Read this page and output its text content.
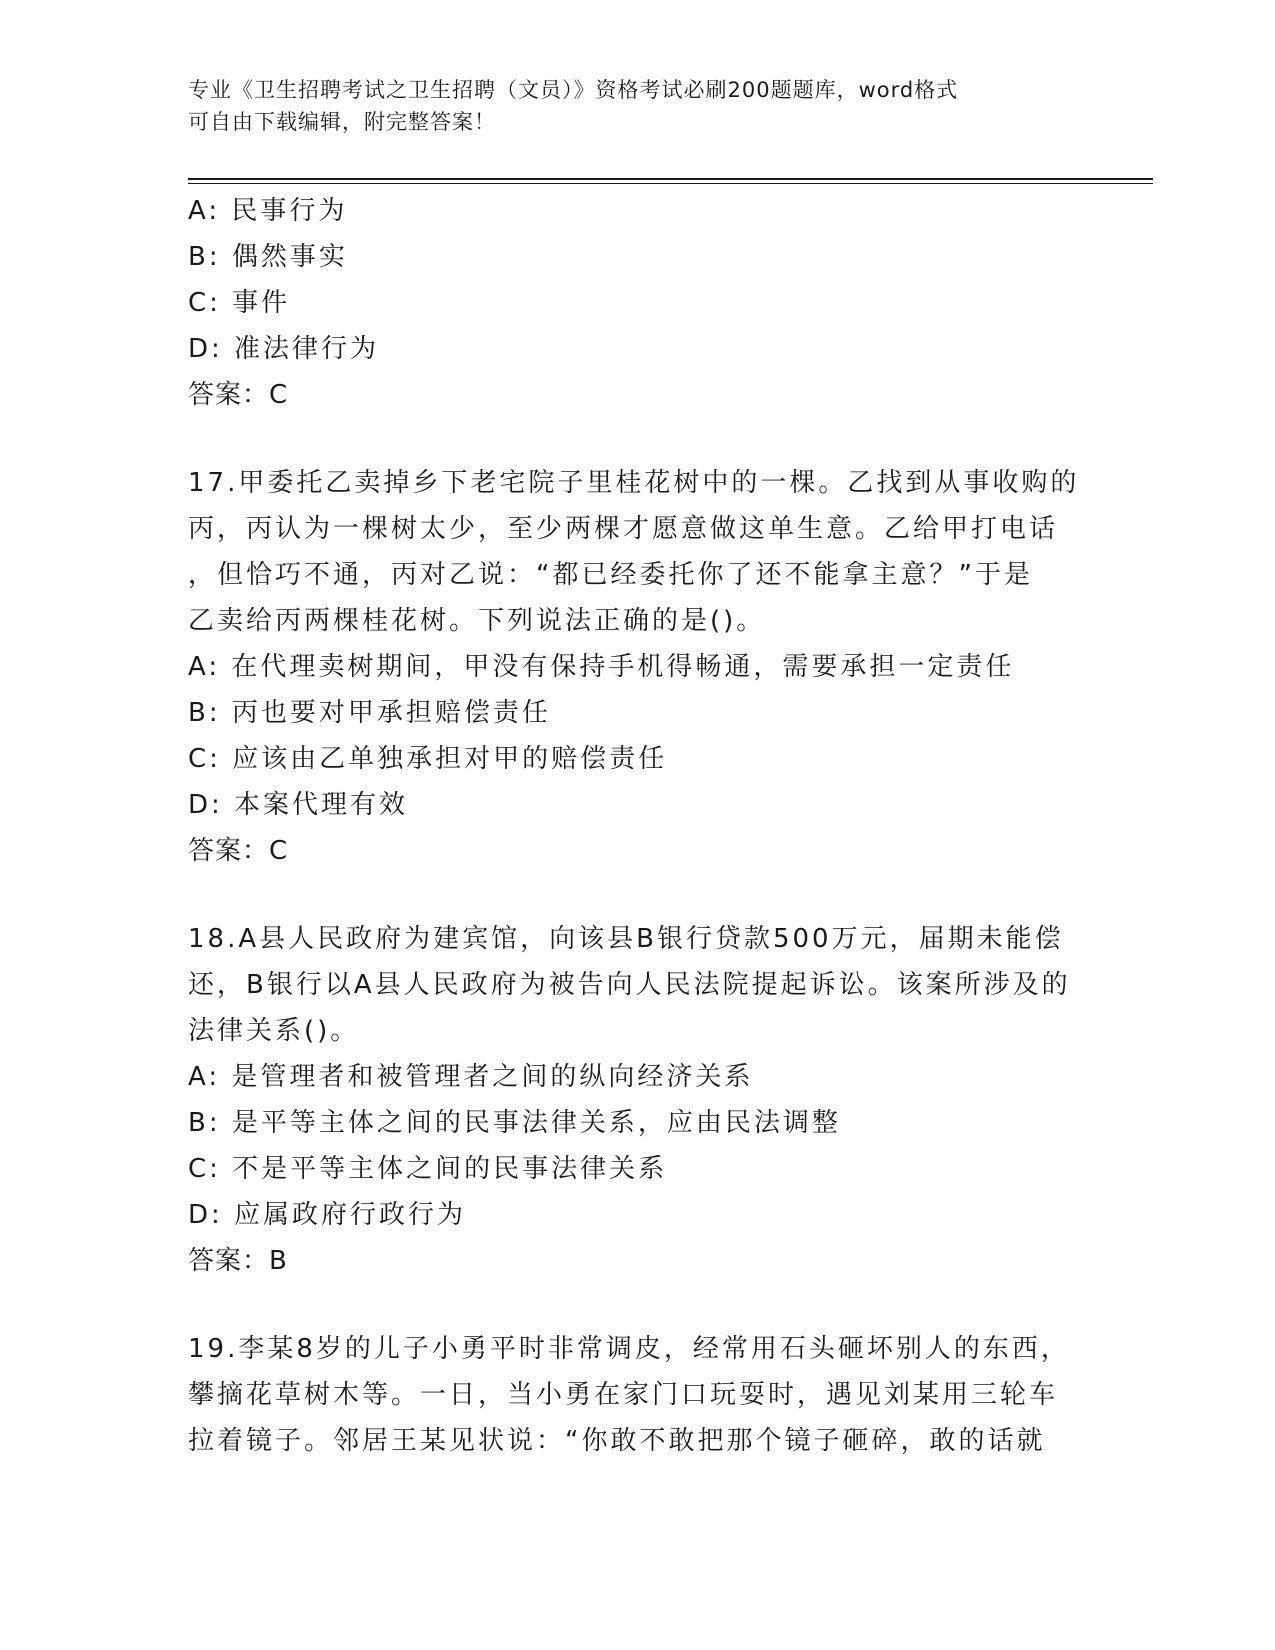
专业《卫生招聘考试之卫生招聘（文员）》资格考试必刷200题题库，word格式
可自由下载编辑，附完整答案！
A: 民事行为
B: 偶然事实
C: 事件
D: 准法律行为
答案：C
17.甲委托乙卖掉乡下老宅院子里桂花树中的一棵。乙找到从事收购的
丙，丙认为一棵树太少，至少两棵才愿意做这单生意。乙给甲打电话
，但恰巧不通，丙对乙说：“都已经委托你了还不能拿主意？”于是
乙卖给丙两棵桂花树。下列说法正确的是()。
A: 在代理卖树期间，甲没有保持手机得畅通，需要承担一定责任
B: 丙也要对甲承担赔偿责任
C: 应该由乙单独承担对甲的赔偿责任
D: 本案代理有效
答案：C
18.A县人民政府为建宾馆，向该县B银行贷款500万元，届期未能偿
还，B银行以A县人民政府为被告向人民法院提起诉讼。该案所涉及的
法律关系()。
A: 是管理者和被管理者之间的纵向经济关系
B: 是平等主体之间的民事法律关系，应由民法调整
C: 不是平等主体之间的民事法律关系
D: 应属政府行政行为
答案：B
19.李某8岁的儿子小勇平时非常调皮，经常用石头砸坏别人的东西，
攀摘花草树木等。一日，当小勇在家门口玩耍时，遇见刘某用三轮车
拉着镜子。邻居王某见状说：“你敢不敢把那个镜子砸碎，敢的话就
